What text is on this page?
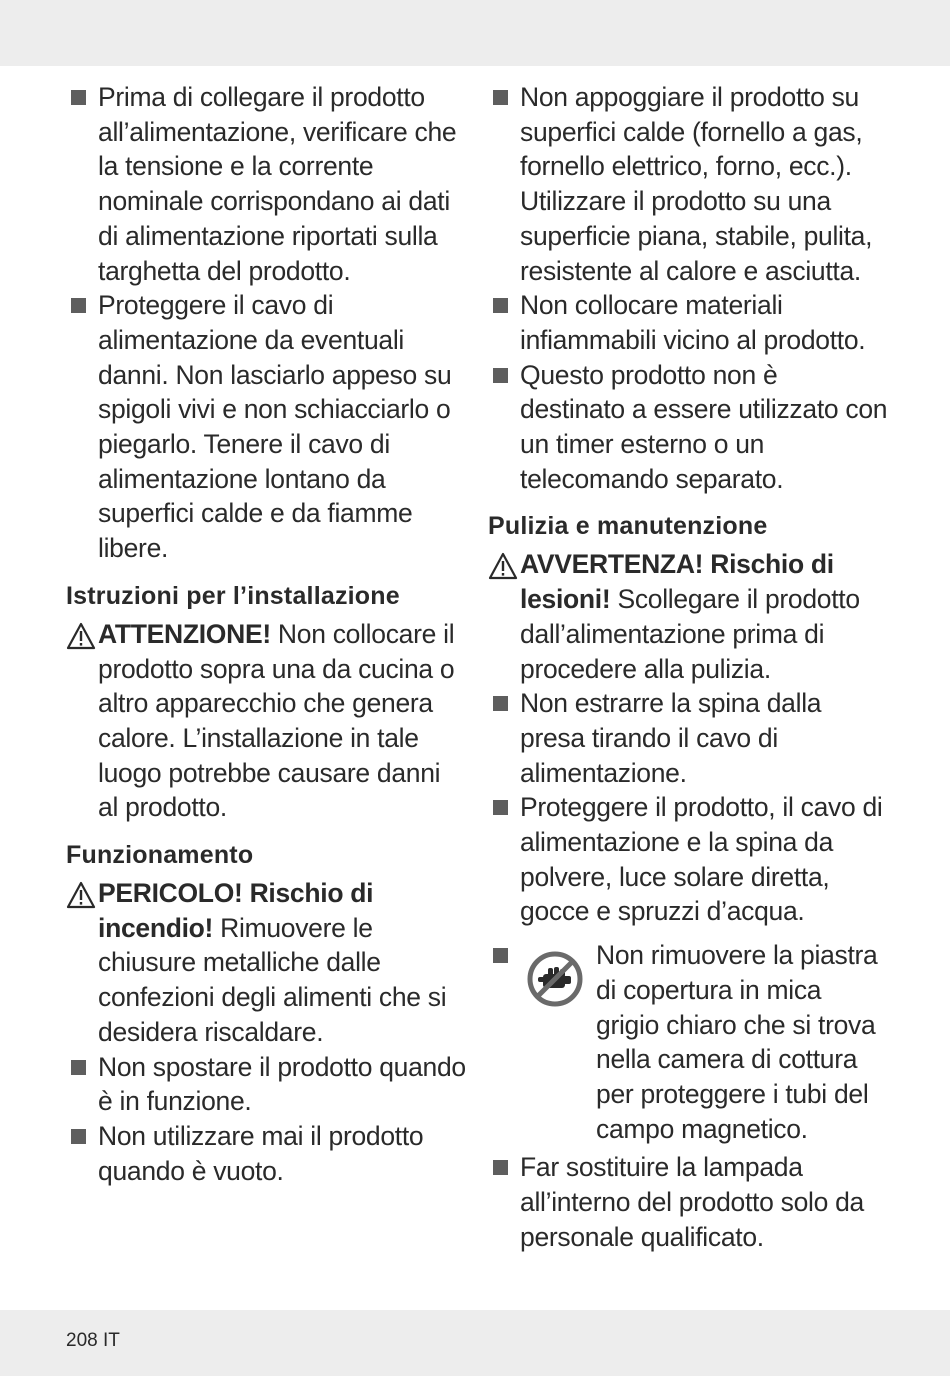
Prima di collegare il prodotto all’alimentazione, verificare che la tensione e la corrente nominale corrispondano ai dati di alimentazione riportati sulla targhetta del prodotto.

Proteggere il cavo di alimentazione da eventuali danni. Non lasciarlo appeso su spigoli vivi e non schiacciarlo o piegarlo. Tenere il cavo di alimentazione lontano da superfici calde e da fiamme libere.

Istruzioni per l’installazione

ATTENZIONE! Non collocare il prodotto sopra una da cucina o altro apparecchio che genera calore. L’installazione in tale luogo potrebbe causare danni al prodotto.

Funzionamento

PERICOLO! Rischio di incendio! Rimuovere le chiusure metalliche dalle confezioni degli alimenti che si desidera riscaldare.

Non spostare il prodotto quando è in funzione.

Non utilizzare mai il prodotto quando è vuoto.

Non appoggiare il prodotto su superfici calde (fornello a gas, fornello elettrico, forno, ecc.). Utilizzare il prodotto su una superficie piana, stabile, pulita, resistente al calore e asciutta.

Non collocare materiali infiammabili vicino al prodotto.

Questo prodotto non è destinato a essere utilizzato con un timer esterno o un telecomando separato.

Pulizia e manutenzione

AVVERTENZA! Rischio di lesioni! Scollegare il prodotto dall’alimentazione prima di procedere alla pulizia.

Non estrarre la spina dalla presa tirando il cavo di alimentazione.

Proteggere il prodotto, il cavo di alimentazione e la spina da polvere, luce solare diretta, gocce e spruzzi d’acqua.

Non rimuovere la piastra di copertura in mica grigio chiaro che si trova nella camera di cottura per proteggere i tubi del campo magnetico.

Far sostituire la lampada all’interno del prodotto solo da personale qualificato.

208 IT
